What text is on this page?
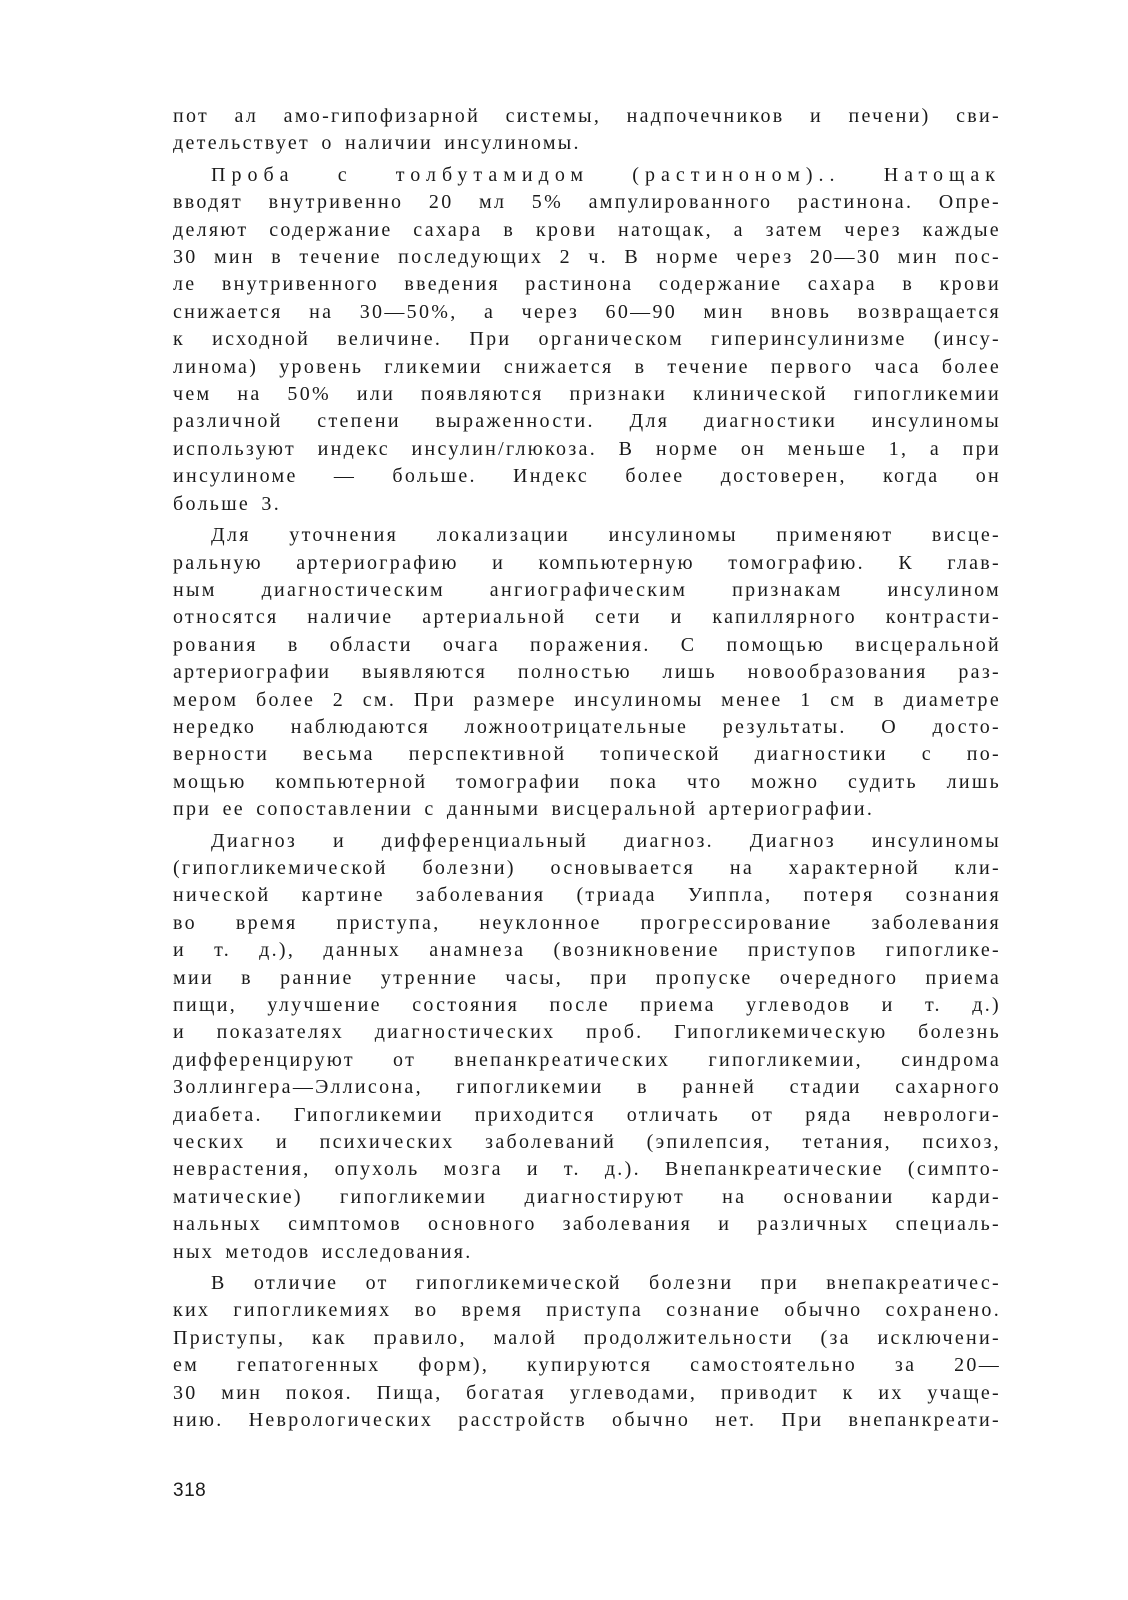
пот ал амо-гипофизарной системы, надпочечников и печени) сви-
детельствует о наличии инсулиномы.
Проба с толбутамидом (растиноном).. Натощак
вводят внутривенно 20 мл 5% ампулированного растинона. Опре-
деляют содержание сахара в крови натощак, а затем через каждые
30 мин в течение последующих 2 ч. В норме через 20—30 мин пос-
ле внутривенного введения растинона содержание сахара в крови
снижается на 30—50%, а через 60—90 мин вновь возвращается
к исходной величине. При органическом гиперинсулинизме (инсу-
линома) уровень гликемии снижается в течение первого часа более
чем на 50% или появляются признаки клинической гипогликемии
различной степени выраженности. Для диагностики инсулиномы
используют индекс инсулин/глюкоза. В норме он меньше 1, а при
инсулиноме — больше. Индекс более достоверен, когда он
больше 3.
Для уточнения локализации инсулиномы применяют висце-
ральную артериографию и компьютерную томографию. К глав-
ным диагностическим ангиографическим признакам инсулином
относятся наличие артериальной сети и капиллярного контрасти-
рования в области очага поражения. С помощью висцеральной
артериографии выявляются полностью лишь новообразования раз-
мером более 2 см. При размере инсулиномы менее 1 см в диаметре
нередко наблюдаются ложноотрицательные результаты. О досто-
верности весьма перспективной топической диагностики с по-
мощью компьютерной томографии пока что можно судить лишь
при ее сопоставлении с данными висцеральной артериографии.
Диагноз и дифференциальный диагноз. Диагноз инсулиномы
(гипогликемической болезни) основывается на характерной кли-
нической картине заболевания (триада Уиппла, потеря сознания
во время приступа, неуклонное прогрессирование заболевания
и т. д.), данных анамнеза (возникновение приступов гипоглике-
мии в ранние утренние часы, при пропуске очередного приема
пищи, улучшение состояния после приема углеводов и т. д.)
и показателях диагностических проб. Гипогликемическую болезнь
дифференцируют от внепанкреатических гипогликемии, синдрома
Золлингера—Эллисона, гипогликемии в ранней стадии сахарного
диабета. Гипогликемии приходится отличать от ряда неврологи-
ческих и психических заболеваний (эпилепсия, тетания, психоз,
неврастения, опухоль мозга и т. д.). Внепанкреатические (симпто-
матические) гипогликемии диагностируют на основании карди-
нальных симптомов основного заболевания и различных специаль-
ных методов исследования.
В отличие от гипогликемической болезни при внепакреатичес-
ких гипогликемиях во время приступа сознание обычно сохранено.
Приступы, как правило, малой продолжительности (за исключени-
ем гепатогенных форм), купируются самостоятельно за 20—
30 мин покоя. Пища, богатая углеводами, приводит к их учаще-
нию. Неврологических расстройств обычно нет. При внепанкреати-
318
